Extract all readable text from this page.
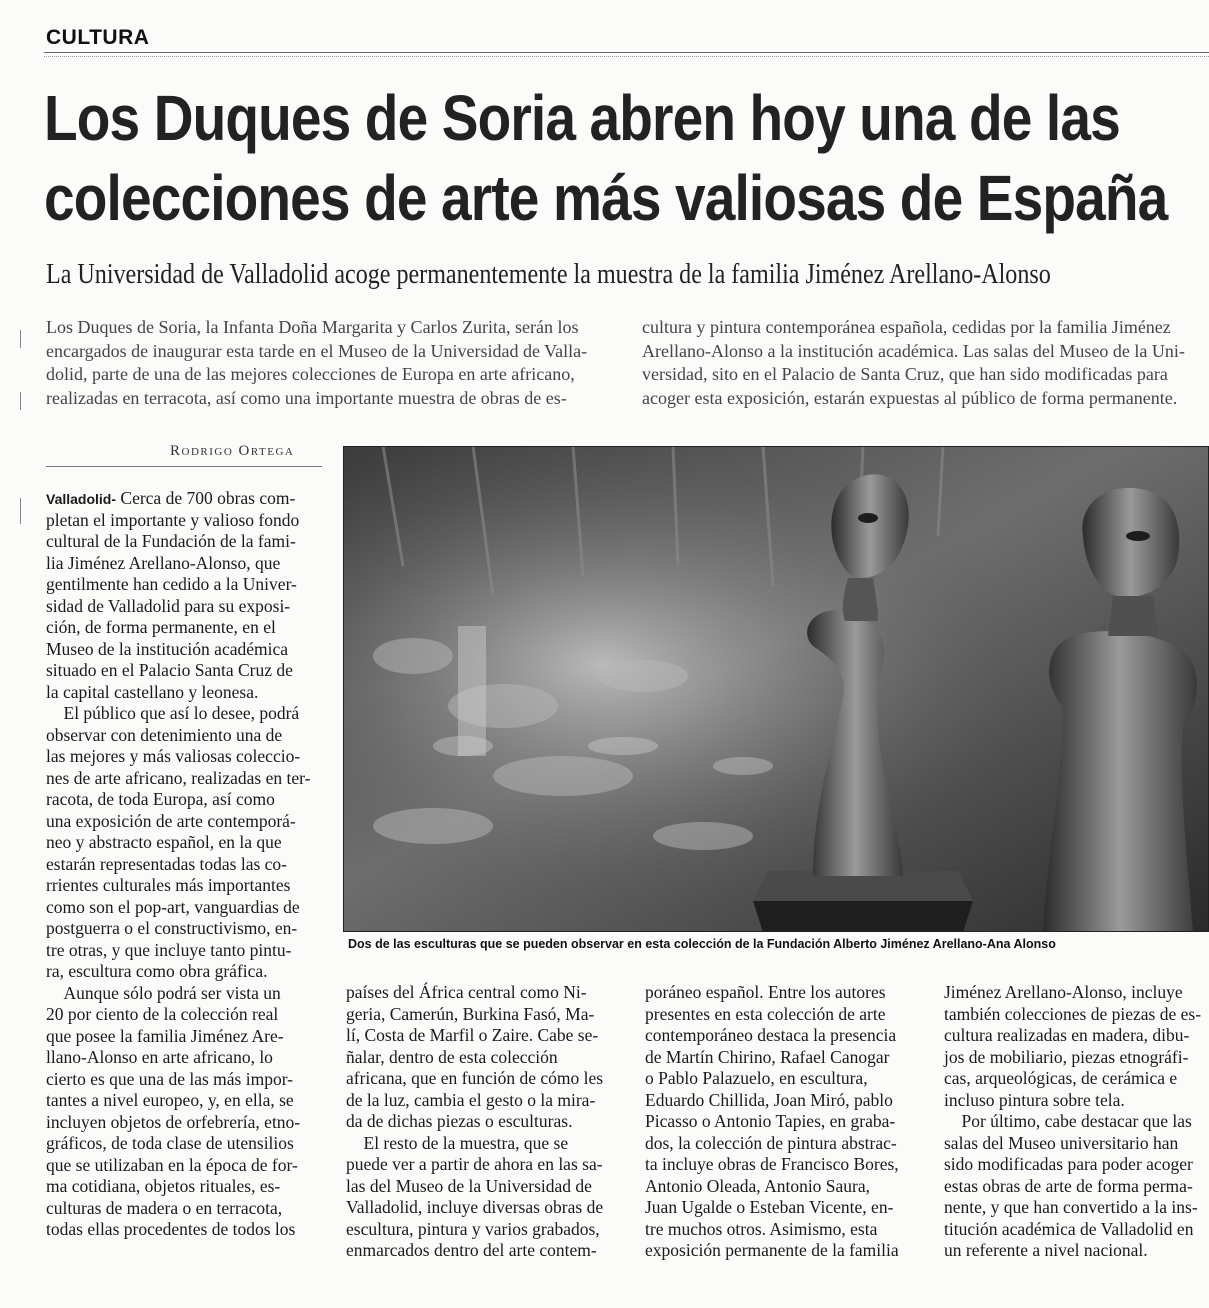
CULTURA
Los Duques de Soria abren hoy una de las
colecciones de arte más valiosas de España
La Universidad de Valladolid acoge permanentemente la muestra de la familia Jiménez Arellano-Alonso
Los Duques de Soria, la Infanta Doña Margarita y Carlos Zurita, serán los
encargados de inaugurar esta tarde en el Museo de la Universidad de Valla-
dolid, parte de una de las mejores colecciones de Europa en arte africano,
realizadas en terracota, así como una importante muestra de obras de es-
cultura y pintura contemporánea española, cedidas por la familia Jiménez
Arellano-Alonso a la institución académica. Las salas del Museo de la Uni-
versidad, sito en el Palacio de Santa Cruz, que han sido modificadas para
acoger esta exposición, estarán expuestas al público de forma permanente.
Rodrigo Ortega
Valladolid- Cerca de 700 obras com-
pletan el importante y valioso fondo
cultural de la Fundación de la fami-
lia Jiménez Arellano-Alonso, que
gentilmente han cedido a la Univer-
sidad de Valladolid para su exposi-
ción, de forma permanente, en el
Museo de la institución académica
situado en el Palacio Santa Cruz de
la capital castellano y leonesa.
 El público que así lo desee, podrá
observar con detenimiento una de
las mejores y más valiosas coleccio-
nes de arte africano, realizadas en ter-
racota, de toda Europa, así como
una exposición de arte contemporá-
neo y abstracto español, en la que
estarán representadas todas las co-
rrientes culturales más importantes
como son el pop-art, vanguardias de
postguerra o el constructivismo, en-
tre otras, y que incluye tanto pintu-
ra, escultura como obra gráfica.
 Aunque sólo podrá ser vista un
20 por ciento de la colección real
que posee la familia Jiménez Are-
llano-Alonso en arte africano, lo
cierto es que una de las más impor-
tantes a nivel europeo, y, en ella, se
incluyen objetos de orfebrería, etno-
gráficos, de toda clase de utensilios
que se utilizaban en la época de for-
ma cotidiana, objetos rituales, es-
culturas de madera o en terracota,
todas ellas procedentes de todos los
países del África central como Ni-
geria, Camerún, Burkina Fasó, Ma-
lí, Costa de Marfil o Zaire. Cabe se-
ñalar, dentro de esta colección
africana, que en función de cómo les
de la luz, cambia el gesto o la mira-
da de dichas piezas o esculturas.
 El resto de la muestra, que se
puede ver a partir de ahora en las sa-
las del Museo de la Universidad de
Valladolid, incluye diversas obras de
escultura, pintura y varios grabados,
enmarcados dentro del arte contem-
poráneo español. Entre los autores
presentes en esta colección de arte
contemporáneo destaca la presencia
de Martín Chirino, Rafael Canogar
o Pablo Palazuelo, en escultura,
Eduardo Chillida, Joan Miró, pablo
Picasso o Antonio Tapies, en graba-
dos, la colección de pintura abstrac-
ta incluye obras de Francisco Bores,
Antonio Oleada, Antonio Saura,
Juan Ugalde o Esteban Vicente, en-
tre muchos otros. Asimismo, esta
exposición permanente de la familia
Jiménez Arellano-Alonso, incluye
también colecciones de piezas de es-
cultura realizadas en madera, dibu-
jos de mobiliario, piezas etnográfi-
cas, arqueológicas, de cerámica e
incluso pintura sobre tela.
 Por último, cabe destacar que las
salas del Museo universitario han
sido modificadas para poder acoger
estas obras de arte de forma perma-
nente, y que han convertido a la ins-
titución académica de Valladolid en
un referente a nivel nacional.
Dos de las esculturas que se pueden observar en esta colección de la Fundación Alberto Jiménez Arellano-Ana Alonso
